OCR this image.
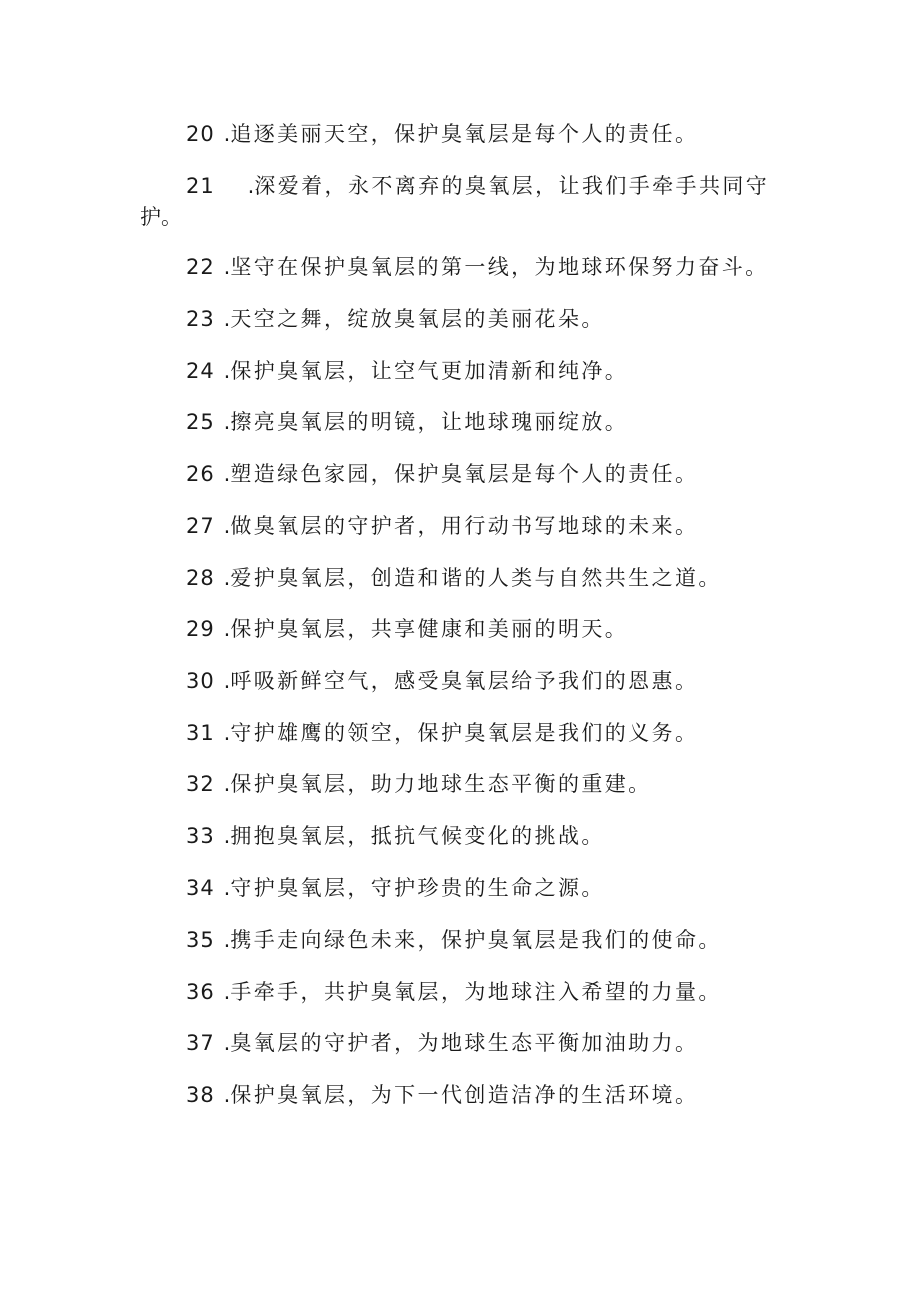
20 .追逐美丽天空，保护臭氧层是每个人的责任。
21 .深爱着，永不离弃的臭氧层，让我们手牵手共同守
护。
22 .坚守在保护臭氧层的第一线，为地球环保努力奋斗。
23 .天空之舞，绽放臭氧层的美丽花朵。
24 .保护臭氧层，让空气更加清新和纯净。
25 .擦亮臭氧层的明镜，让地球瑰丽绽放。
26 .塑造绿色家园，保护臭氧层是每个人的责任。
27 .做臭氧层的守护者，用行动书写地球的未来。
28 .爱护臭氧层，创造和谐的人类与自然共生之道。
29 .保护臭氧层，共享健康和美丽的明天。
30 .呼吸新鲜空气，感受臭氧层给予我们的恩惠。
31 .守护雄鹰的领空，保护臭氧层是我们的义务。
32 .保护臭氧层，助力地球生态平衡的重建。
33 .拥抱臭氧层，抵抗气候变化的挑战。
34 .守护臭氧层，守护珍贵的生命之源。
35 .携手走向绿色未来，保护臭氧层是我们的使命。
36 .手牵手，共护臭氧层，为地球注入希望的力量。
37 .臭氧层的守护者，为地球生态平衡加油助力。
38 .保护臭氧层，为下一代创造洁净的生活环境。
